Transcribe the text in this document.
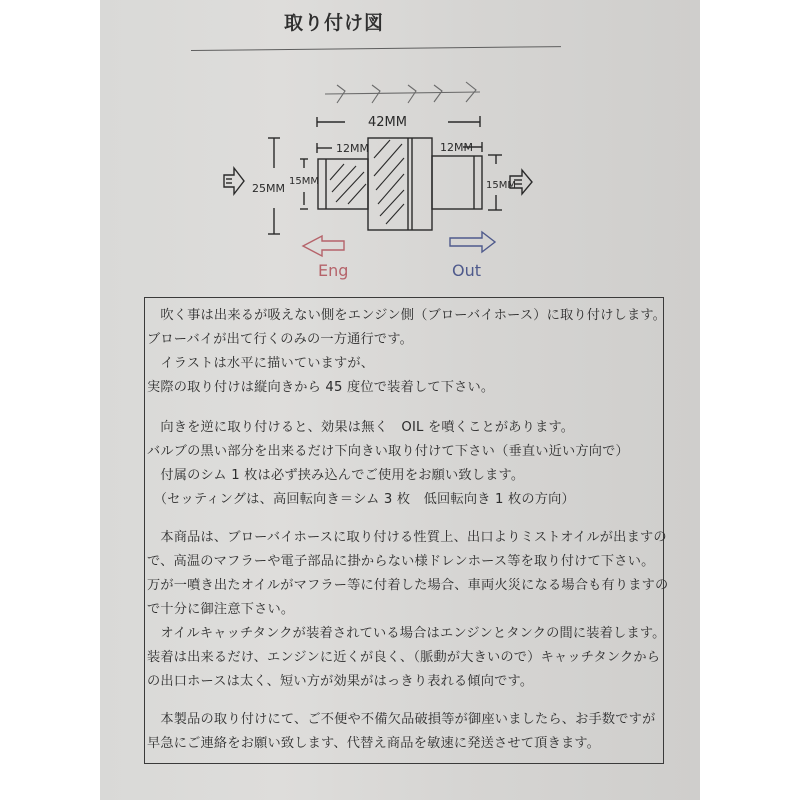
取り付け図
42MM
12MM	12MM
25MM
15MM	15MM
Eng	Out
　吹く事は出来るが吸えない側をエンジン側（ブローバイホース）に取り付けします。
ブローバイが出て行くのみの一方通行です。
　イラストは水平に描いていますが、
実際の取り付けは縦向きから 45 度位で装着して下さい。
　向きを逆に取り付けると、効果は無く　OIL を噴くことがあります。
バルブの黒い部分を出来るだけ下向きい取り付けて下さい（垂直い近い方向で）
　付属のシム 1 枚は必ず挟み込んでご使用をお願い致します。
　（セッティングは、高回転向き＝シム 3 枚　低回転向き 1 枚の方向）
　本商品は、ブローバイホースに取り付ける性質上、出口よりミストオイルが出ますの
で、高温のマフラーや電子部品に掛からない様ドレンホース等を取り付けて下さい。
万が一噴き出たオイルがマフラー等に付着した場合、車両火災になる場合も有りますの
で十分に御注意下さい。
　オイルキャッチタンクが装着されている場合はエンジンとタンクの間に装着します。
装着は出来るだけ、エンジンに近くが良く、（脈動が大きいので）キャッチタンクから
の出口ホースは太く、短い方が効果がはっきり表れる傾向です。
　本製品の取り付けにて、ご不便や不備欠品破損等が御座いましたら、お手数ですが
早急にご連絡をお願い致します、代替え商品を敏速に発送させて頂きます。
